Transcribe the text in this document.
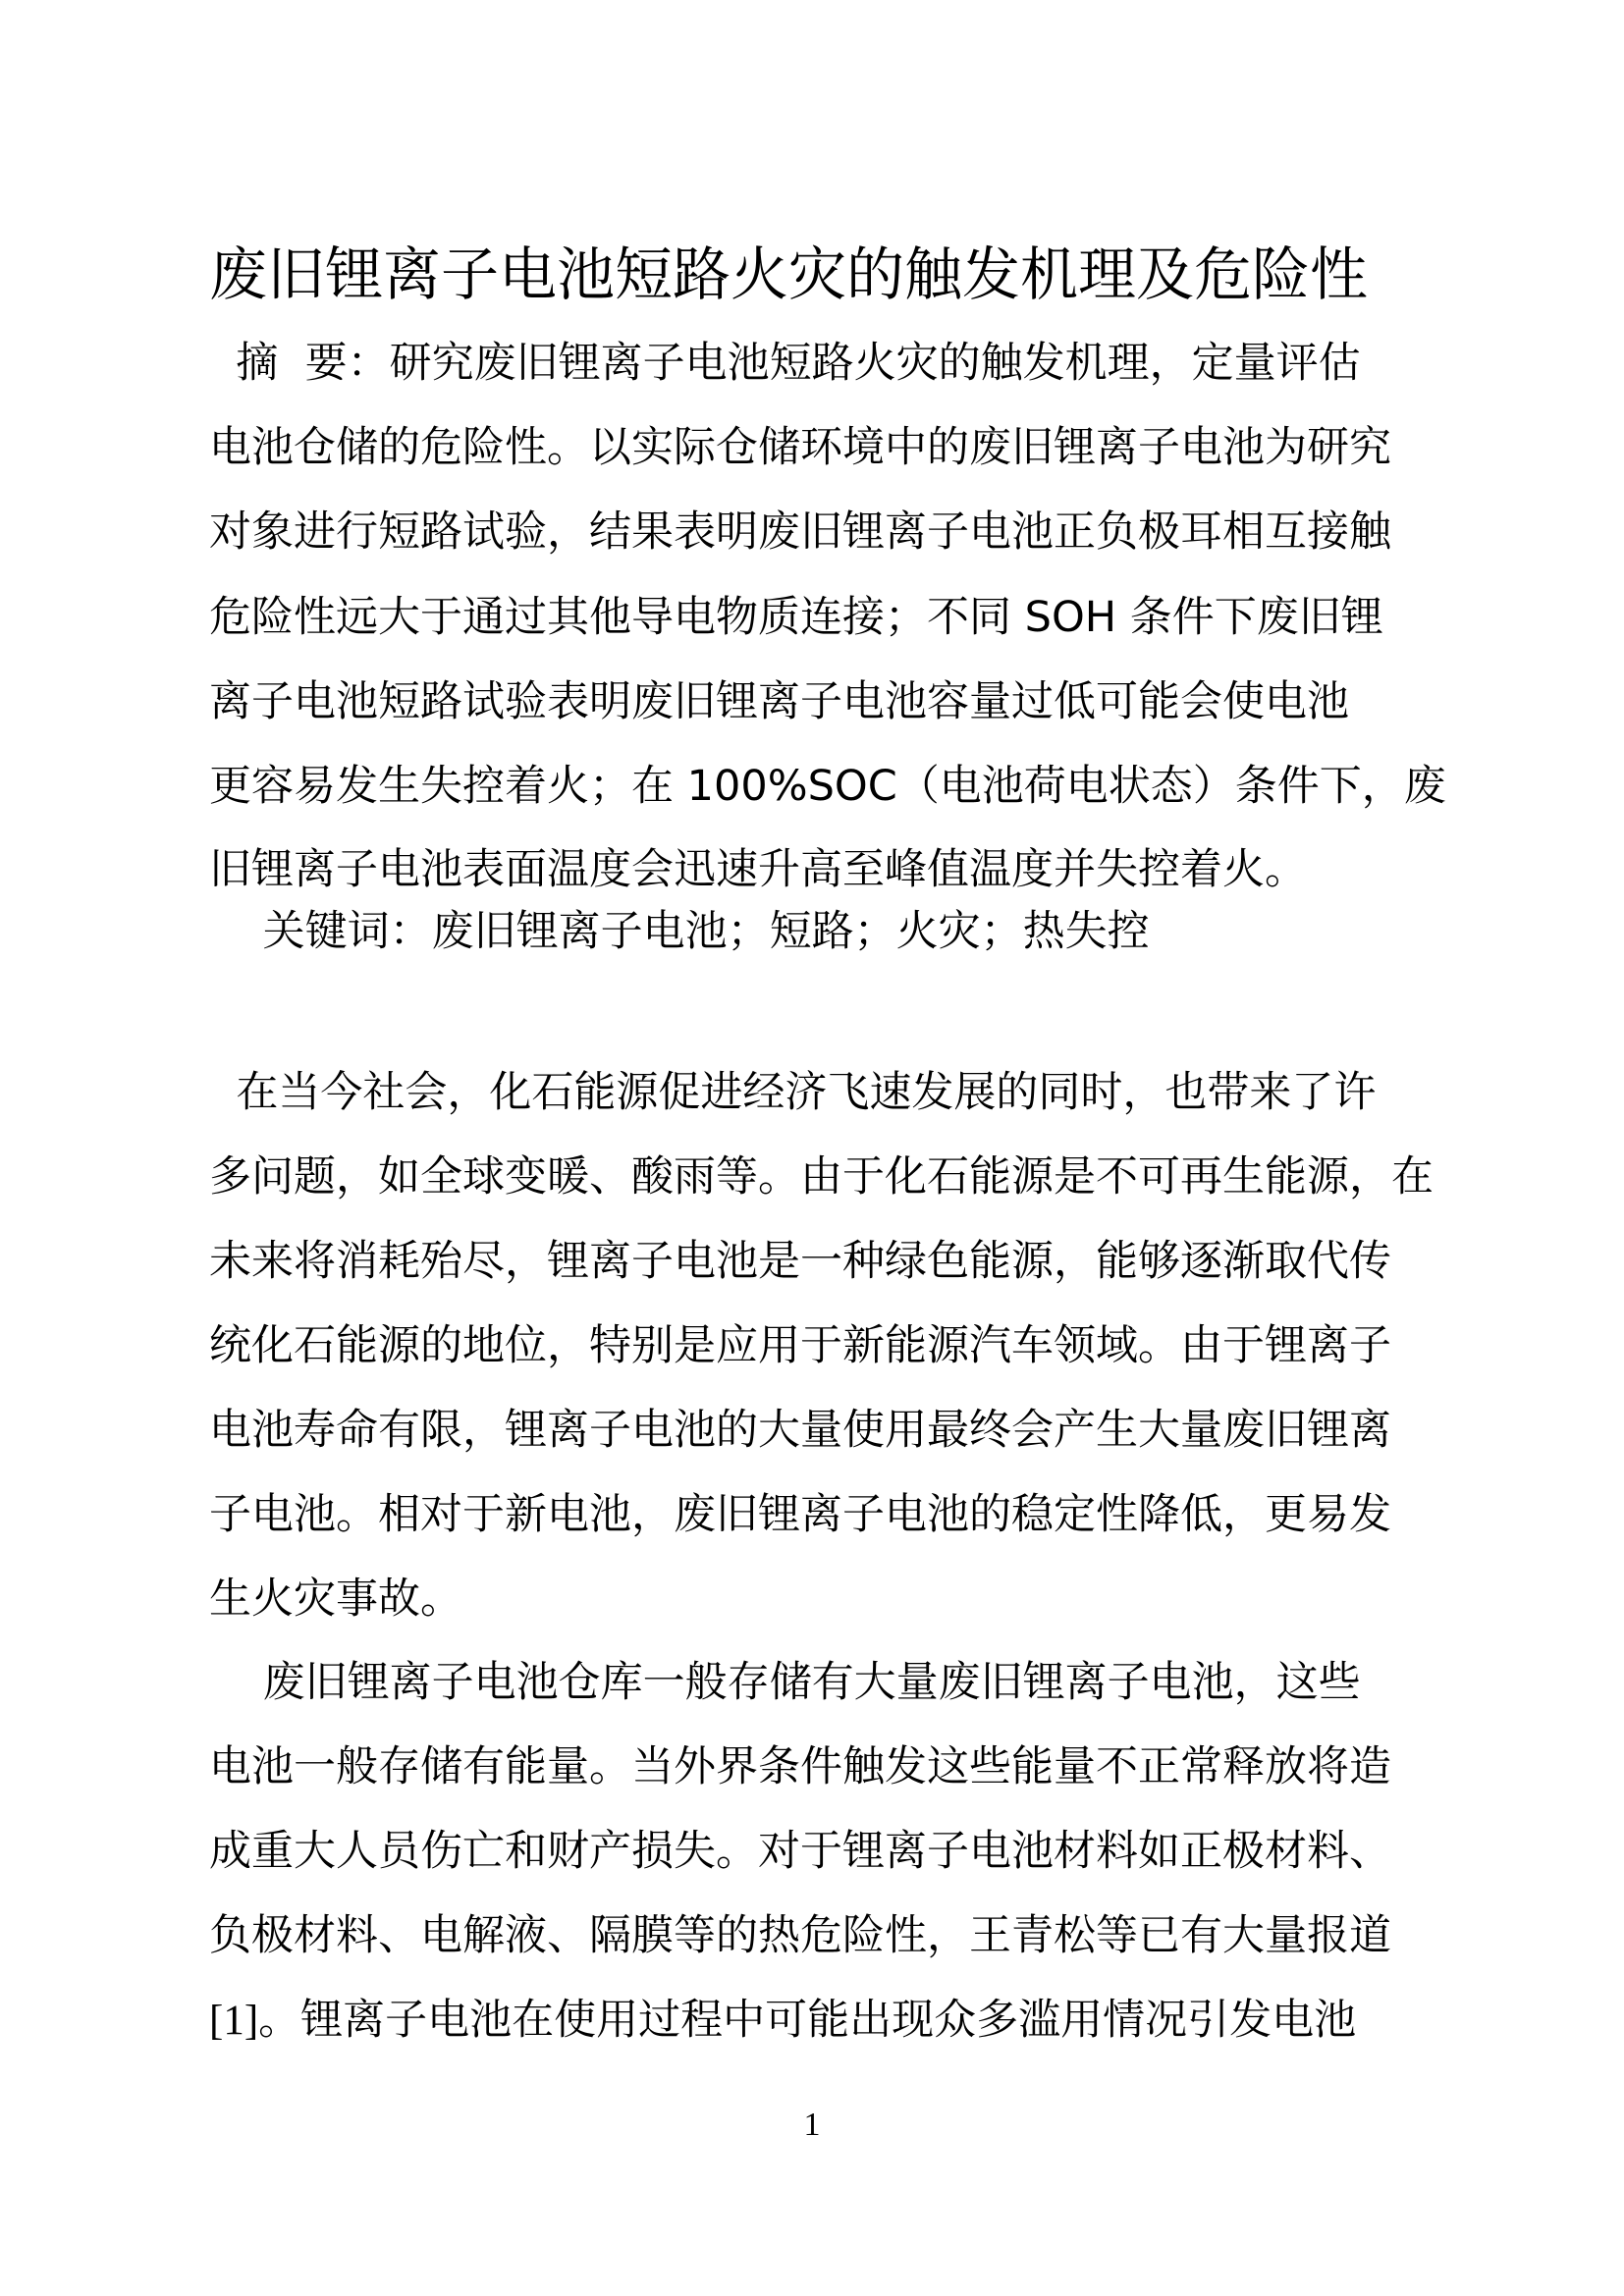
废旧锂离子电池短路火灾的触发机理及危险性
摘  要：研究废旧锂离子电池短路火灾的触发机理，定量评估
电池仓储的危险性。以实际仓储环境中的废旧锂离子电池为研究
对象进行短路试验，结果表明废旧锂离子电池正负极耳相互接触
危险性远大于通过其他导电物质连接；不同 SOH 条件下废旧锂
离子电池短路试验表明废旧锂离子电池容量过低可能会使电池
更容易发生失控着火；在 100%SOC（电池荷电状态）条件下，废
旧锂离子电池表面温度会迅速升高至峰值温度并失控着火。
关键词：废旧锂离子电池；短路；火灾；热失控
在当今社会，化石能源促进经济飞速发展的同时，也带来了许
多问题，如全球变暖、酸雨等。由于化石能源是不可再生能源，在
未来将消耗殆尽，锂离子电池是一种绿色能源，能够逐渐取代传
统化石能源的地位，特别是应用于新能源汽车领域。由于锂离子
电池寿命有限，锂离子电池的大量使用最终会产生大量废旧锂离
子电池。相对于新电池，废旧锂离子电池的稳定性降低，更易发
生火灾事故。
废旧锂离子电池仓库一般存储有大量废旧锂离子电池，这些
电池一般存储有能量。当外界条件触发这些能量不正常释放将造
成重大人员伤亡和财产损失。对于锂离子电池材料如正极材料、
负极材料、电解液、隔膜等的热危险性，王青松等已有大量报道
[1]。锂离子电池在使用过程中可能出现众多滥用情况引发电池
1
